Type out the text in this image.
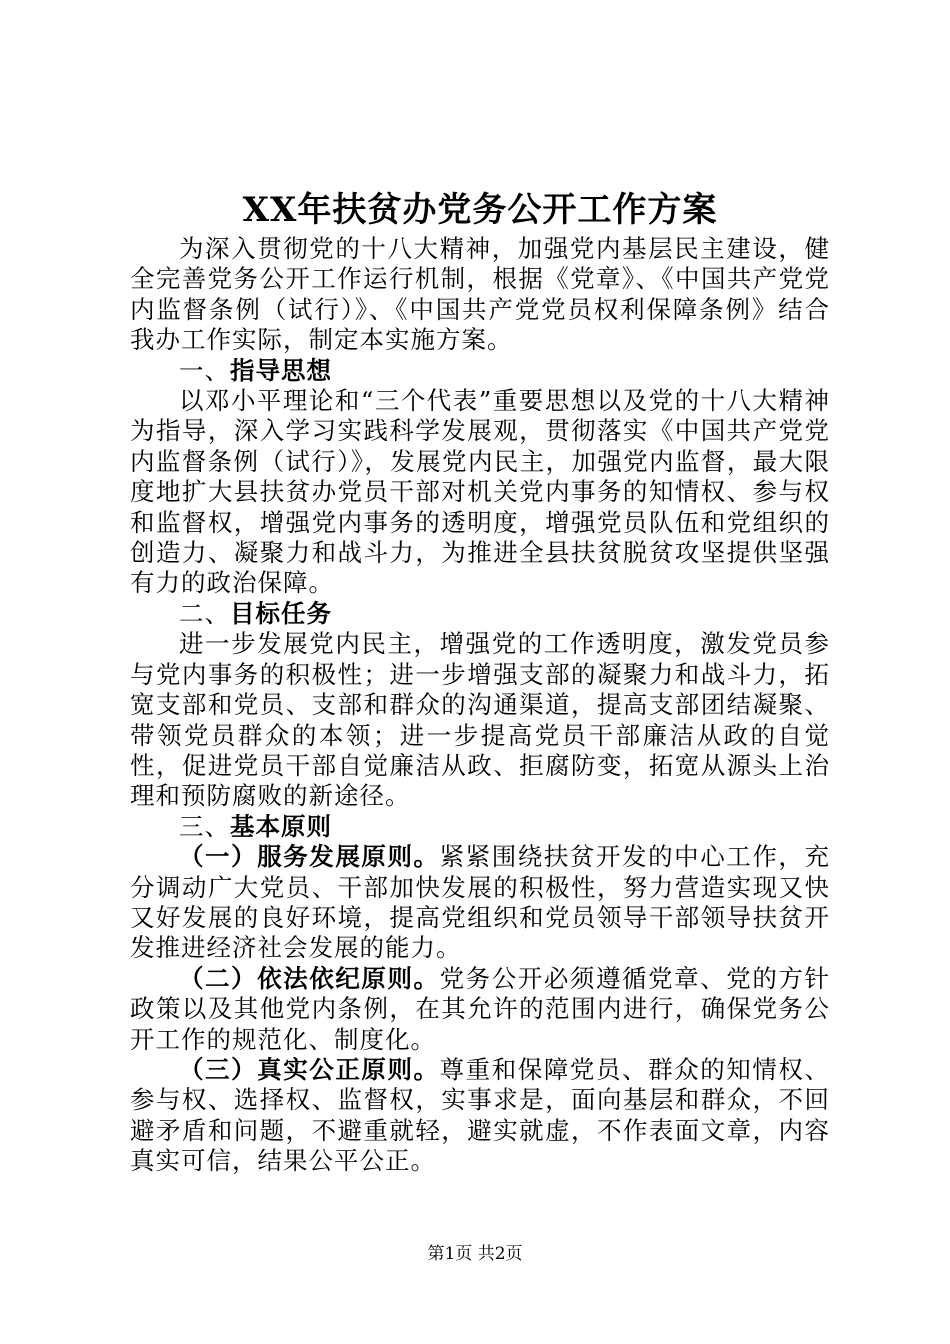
XX年扶贫办党务公开工作方案

为深入贯彻党的十八大精神，加强党内基层民主建设，健全完善党务公开工作运行机制，根据《党章》、《中国共产党党内监督条例（试行）》、《中国共产党党员权利保障条例》结合我办工作实际，制定本实施方案。

一、指导思想

以邓小平理论和“三个代表”重要思想以及党的十八大精神为指导，深入学习实践科学发展观，贯彻落实《中国共产党党内监督条例（试行）》，发展党内民主，加强党内监督，最大限度地扩大县扶贫办党员干部对机关党内事务的知情权、参与权和监督权，增强党内事务的透明度，增强党员队伍和党组织的创造力、凝聚力和战斗力，为推进全县扶贫脱贫攻坚提供坚强有力的政治保障。

二、目标任务

进一步发展党内民主，增强党的工作透明度，激发党员参与党内事务的积极性；进一步增强支部的凝聚力和战斗力，拓宽支部和党员、支部和群众的沟通渠道，提高支部团结凝聚、带领党员群众的本领；进一步提高党员干部廉洁从政的自觉性，促进党员干部自觉廉洁从政、拒腐防变，拓宽从源头上治理和预防腐败的新途径。

三、基本原则

（一）服务发展原则。紧紧围绕扶贫开发的中心工作，充分调动广大党员、干部加快发展的积极性，努力营造实现又快又好发展的良好环境，提高党组织和党员领导干部领导扶贫开发推进经济社会发展的能力。

（二）依法依纪原则。党务公开必须遵循党章、党的方针政策以及其他党内条例，在其允许的范围内进行，确保党务公开工作的规范化、制度化。

（三）真实公正原则。尊重和保障党员、群众的知情权、参与权、选择权、监督权，实事求是，面向基层和群众，不回避矛盾和问题，不避重就轻，避实就虚，不作表面文章，内容真实可信，结果公平公正。

第1页 共2页
